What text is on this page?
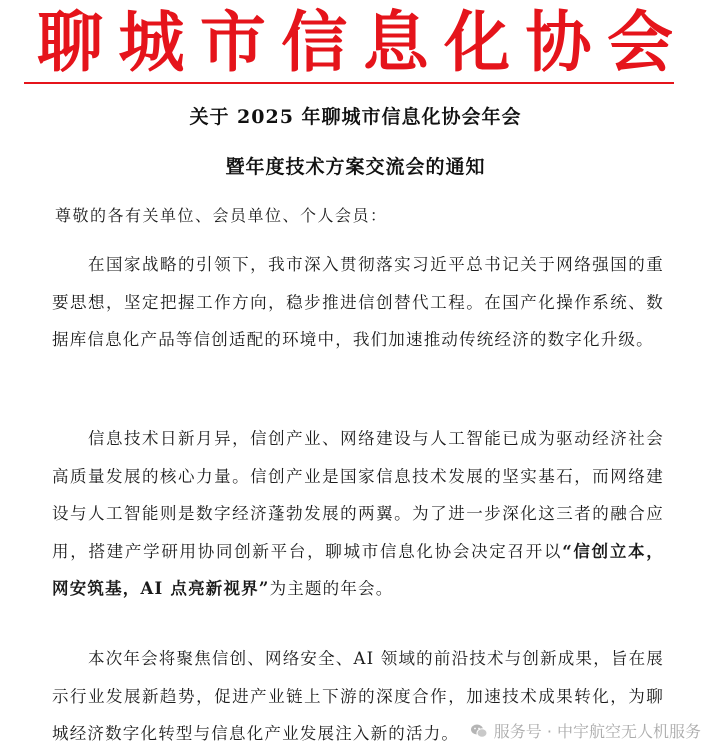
聊 城 市 信 息 化 协 会
关于 2025 年聊城市信息化协会年会
暨年度技术方案交流会的通知
尊敬的各有关单位、会员单位、个人会员：

在国家战略的引领下，我市深入贯彻落实习近平总书记关于网络强国的重要思想，坚定把握工作方向，稳步推进信创替代工程。在国产化操作系统、数据库信息化产品等信创适配的环境中，我们加速推动传统经济的数字化升级。

信息技术日新月异，信创产业、网络建设与人工智能已成为驱动经济社会高质量发展的核心力量。信创产业是国家信息技术发展的坚实基石，而网络建设与人工智能则是数字经济蓬勃发展的两翼。为了进一步深化这三者的融合应用，搭建产学研用协同创新平台，聊城市信息化协会决定召开以“信创立本，网安筑基，AI 点亮新视界”为主题的年会。

本次年会将聚焦信创、网络安全、AI 领域的前沿技术与创新成果，旨在展示行业发展新趋势，促进产业链上下游的深度合作，加速技术成果转化，为聊城经济数字化转型与信息化产业发展注入新的活力。	服务号 · 中宇航空无人机服务
